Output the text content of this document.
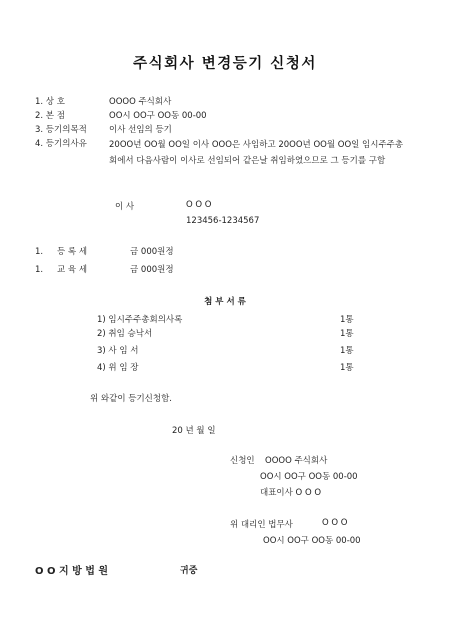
주식회사 변경등기 신청서
1. 상 호	OOOO 주식회사
2. 본 점	OO시 OO구 OO동 00-00
3. 등기의목적	이사 선임의 등기
4. 등기의사유	20OO년 OO월 OO일 이사 OOO은 사임하고 20OO년 OO월 OO일 임시주주총회에서 다음사람이 이사로 선임되어 같은날 취임하였으므로 그 등기를 구함
이 사	O O O
123456-1234567
1. 등 록 세	금 000원정
1. 교 육 세	금 000원정
첨 부 서 류
1) 임시주주총회의사록	1통
2) 취임 승낙서	1통
3) 사 임 서	1통
4) 위 임 장	1통
위 와같이 등기신청함.
20 년 월 일
신청인 OOOO 주식회사
OO시 OO구 OO동 00-00
대표이사 O O O
위 대리인 법무사	O O O
OO시 OO구 OO동 00-00
O O 지 방 법 원	귀중
